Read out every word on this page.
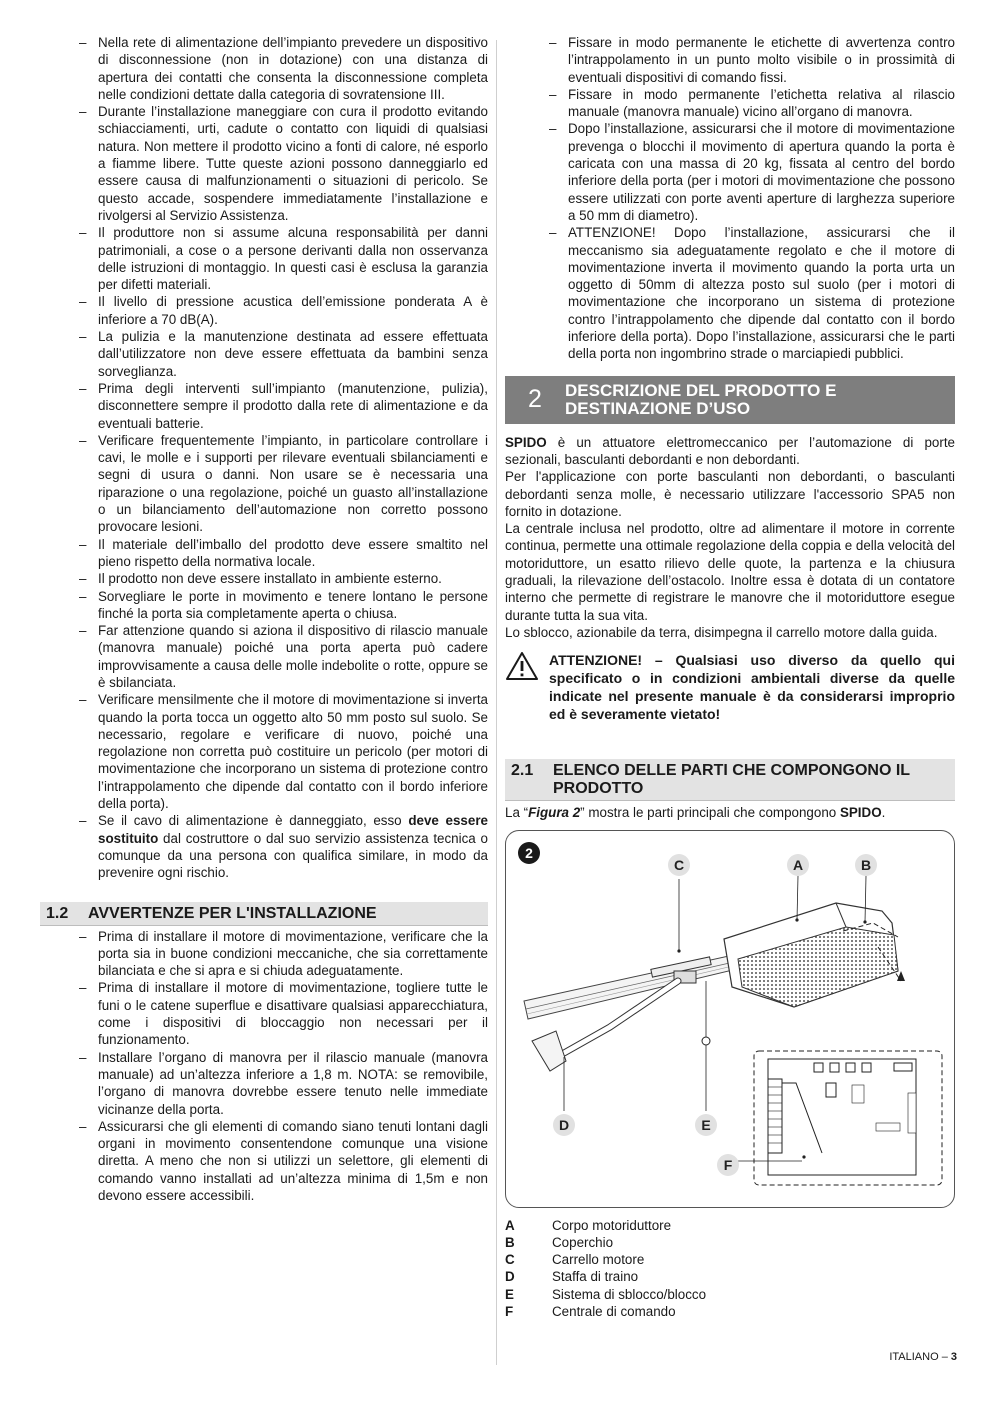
– Nella rete di alimentazione dell’impianto prevedere un dispositivo di disconnessione (non in dotazione) con una distanza di apertura dei contatti che consenta la disconnessione completa nelle condizioni dettate dalla categoria di sovratensione III.
– Durante l’installazione maneggiare con cura il prodotto evitando schiacciamenti, urti, cadute o contatto con liquidi di qualsiasi natura. Non mettere il prodotto vicino a fonti di calore, né esporlo a fiamme libere. Tutte queste azioni possono danneggiarlo ed essere causa di malfunzionamenti o situazioni di pericolo. Se questo accade, sospendere immediatamente l’installazione e rivolgersi al Servizio Assistenza.
– Il produttore non si assume alcuna responsabilità per danni patrimoniali, a cose o a persone derivanti dalla non osservanza delle istruzioni di montaggio. In questi casi è esclusa la garanzia per difetti materiali.
– Il livello di pressione acustica dell’emissione ponderata A è inferiore a 70 dB(A).
– La pulizia e la manutenzione destinata ad essere effettuata dall’utilizzatore non deve essere effettuata da bambini senza sorveglianza.
– Prima degli interventi sull’impianto (manutenzione, pulizia), disconnettere sempre il prodotto dalla rete di alimentazione e da eventuali batterie.
– Verificare frequentemente l’impianto, in particolare controllare i cavi, le molle e i supporti per rilevare eventuali sbilanciamenti e segni di usura o danni. Non usare se è necessaria una riparazione o una regolazione, poiché un guasto all’installazione o un bilanciamento dell’automazione non corretto possono provocare lesioni.
– Il materiale dell’imballo del prodotto deve essere smaltito nel pieno rispetto della normativa locale.
– Il prodotto non deve essere installato in ambiente esterno.
– Sorvegliare le porte in movimento e tenere lontano le persone finché la porta sia completamente aperta o chiusa.
– Far attenzione quando si aziona il dispositivo di rilascio manuale (manovra manuale) poiché una porta aperta può cadere improvvisamente a causa delle molle indebolite o rotte, oppure se è sbilanciata.
– Verificare mensilmente che il motore di movimentazione si inverta quando la porta tocca un oggetto alto 50 mm posto sul suolo. Se necessario, regolare e verificare di nuovo, poiché una regolazione non corretta può costituire un pericolo (per motori di movimentazione che incorporano un sistema di protezione contro l’intrappolamento che dipende dal contatto con il bordo inferiore della porta).
– Se il cavo di alimentazione è danneggiato, esso deve essere sostituito dal costruttore o dal suo servizio assistenza tecnica o comunque da una persona con qualifica similare, in modo da prevenire ogni rischio.
1.2	AVVERTENZE PER L'INSTALLAZIONE
– Prima di installare il motore di movimentazione, verificare che la porta sia in buone condizioni meccaniche, che sia correttamente bilanciata e che si apra e si chiuda adeguatamente.
– Prima di installare il motore di movimentazione, togliere tutte le funi o le catene superflue e disattivare qualsiasi apparecchiatura, come i dispositivi di bloccaggio non necessari per il funzionamento.
– Installare l’organo di manovra per il rilascio manuale (manovra manuale) ad un’altezza inferiore a 1,8 m. NOTA: se removibile, l’organo di manovra dovrebbe essere tenuto nelle immediate vicinanze della porta.
– Assicurarsi che gli elementi di comando siano tenuti lontani dagli organi in movimento consentendone comunque una visione diretta. A meno che non si utilizzi un selettore, gli elementi di comando vanno installati ad un’altezza minima di 1,5m e non devono essere accessibili.
– Fissare in modo permanente le etichette di avvertenza contro l’intrappolamento in un punto molto visibile o in prossimità di eventuali dispositivi di comando fissi.
– Fissare in modo permanente l’etichetta relativa al rilascio manuale (manovra manuale) vicino all’organo di manovra.
– Dopo l’installazione, assicurarsi che il motore di movimentazione prevenga o blocchi il movimento di apertura quando la porta è caricata con una massa di 20 kg, fissata al centro del bordo inferiore della porta (per i motori di movimentazione che possono essere utilizzati con porte aventi aperture di larghezza superiore a 50 mm di diametro).
– ATTENZIONE! Dopo l’installazione, assicurarsi che il meccanismo sia adeguatamente regolato e che il motore di movimentazione inverta il movimento quando la porta urta un oggetto di 50mm di altezza posto sul suolo (per i motori di movimentazione che incorporano un sistema di protezione contro l’intrappolamento che dipende dal contatto con il bordo inferiore della porta). Dopo l’installazione, assicurarsi che le parti della porta non ingombrino strade o marciapiedi pubblici.
2	DESCRIZIONE DEL PRODOTTO E
DESTINAZIONE D’USO

SPIDO è un attuatore elettromeccanico per l’automazione di porte sezionali, basculanti debordanti e non debordanti.

Per l'applicazione con porte basculanti non debordanti, o basculanti debordanti senza molle, è necessario utilizzare l'accessorio SPA5 non fornito in dotazione.

La centrale inclusa nel prodotto, oltre ad alimentare il motore in corrente continua, permette una ottimale regolazione della coppia e della velocità del motoriduttore, un esatto rilievo delle quote, la partenza e la chiusura graduali, la rilevazione dell’ostacolo. Inoltre essa è dotata di un contatore interno che permette di registrare le manovre che il motoriduttore esegue durante tutta la sua vita.

Lo sblocco, azionabile da terra, disimpegna il carrello motore dalla guida.

ATTENZIONE! – Qualsiasi uso diverso da quello qui specificato o in condizioni ambientali diverse da quelle indicate nel presente manuale è da considerarsi improprio ed è severamente vietato!
2.1	ELENCO DELLE PARTI CHE COMPONGONO IL
PRODOTTO

La “Figura 2” mostra le parti principali che compongono SPIDO.

2
C	A	B
D	E
F
A	Corpo motoriduttore
B	Coperchio
C	Carrello motore
D	Staffa di traino
E	Sistema di sblocco/blocco
F	Centrale di comando
ITALIANO – 3
